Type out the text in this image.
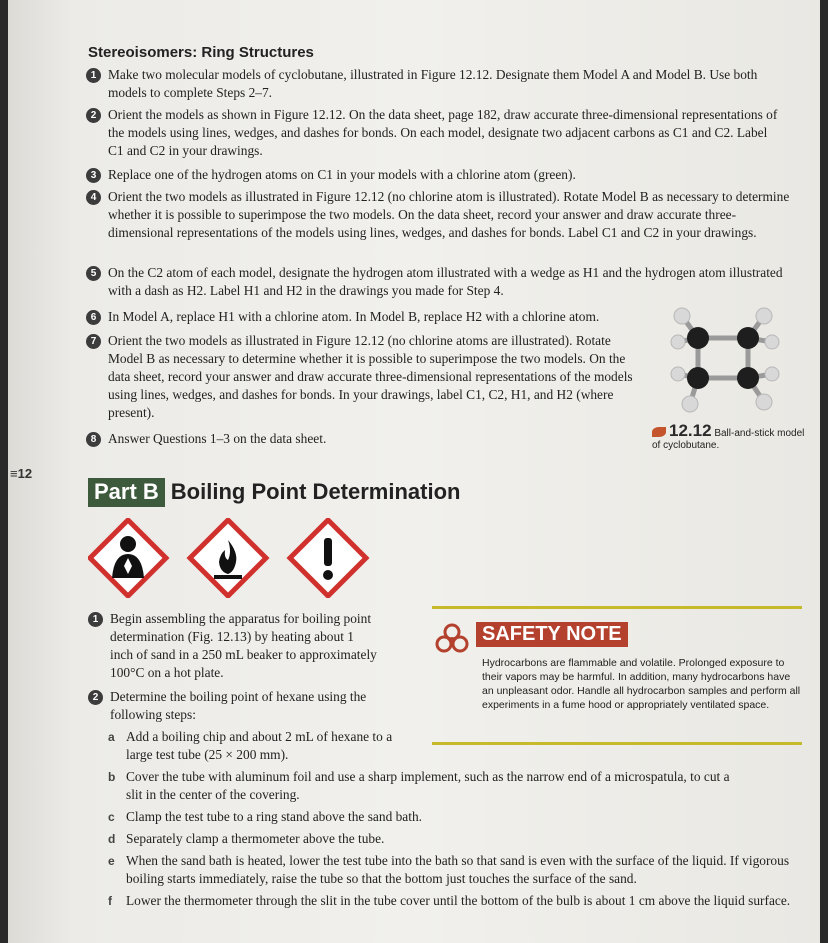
≡12
Stereoisomers: Ring Structures
1 Make two molecular models of cyclobutane, illustrated in Figure 12.12. Designate them Model A and Model B. Use both models to complete Steps 2–7.
2 Orient the models as shown in Figure 12.12. On the data sheet, page 182, draw accurate three-dimensional representations of the models using lines, wedges, and dashes for bonds. On each model, designate two adjacent carbons as C1 and C2. Label C1 and C2 in your drawings.
3 Replace one of the hydrogen atoms on C1 in your models with a chlorine atom (green).
4 Orient the two models as illustrated in Figure 12.12 (no chlorine atom is illustrated). Rotate Model B as necessary to determine whether it is possible to superimpose the two models. On the data sheet, record your answer and draw accurate three-dimensional representations of the models using lines, wedges, and dashes for bonds. Label C1 and C2 in your drawings.
5 On the C2 atom of each model, designate the hydrogen atom illustrated with a wedge as H1 and the hydrogen atom illustrated with a dash as H2. Label H1 and H2 in the drawings you made for Step 4.
6 In Model A, replace H1 with a chlorine atom. In Model B, replace H2 with a chlorine atom.
7 Orient the two models as illustrated in Figure 12.12 (no chlorine atoms are illustrated). Rotate Model B as necessary to determine whether it is possible to superimpose the two models. On the data sheet, record your answer and draw accurate three-dimensional representations of the models using lines, wedges, and dashes for bonds. In your drawings, label C1, C2, H1, and H2 (where present).
8 Answer Questions 1–3 on the data sheet.	12.12 Ball-and-stick model of cyclobutane.
Part B Boiling Point Determination
1 Begin assembling the apparatus for boiling point determination (Fig. 12.13) by heating about 1 inch of sand in a 250 mL beaker to approximately 100°C on a hot plate.
2 Determine the boiling point of hexane using the following steps:
a Add a boiling chip and about 2 mL of hexane to a large test tube (25 × 200 mm).
b Cover the tube with aluminum foil and use a sharp implement, such as the narrow end of a microspatula, to cut a slit in the center of the covering.
c Clamp the test tube to a ring stand above the sand bath.
d Separately clamp a thermometer above the tube.
e When the sand bath is heated, lower the test tube into the bath so that sand is even with the surface of the liquid. If vigorous boiling starts immediately, raise the tube so that the bottom just touches the surface of the sand.
f	Lower the thermometer through the slit in the tube cover until the bottom of the bulb is about 1 cm above the liquid surface.
SAFETY NOTE
Hydrocarbons are flammable and volatile. Prolonged exposure to their vapors may be harmful. In addition, many hydrocarbons have an unpleasant odor. Handle all hydrocarbon samples and perform all experiments in a fume hood or appropriately ventilated space.
